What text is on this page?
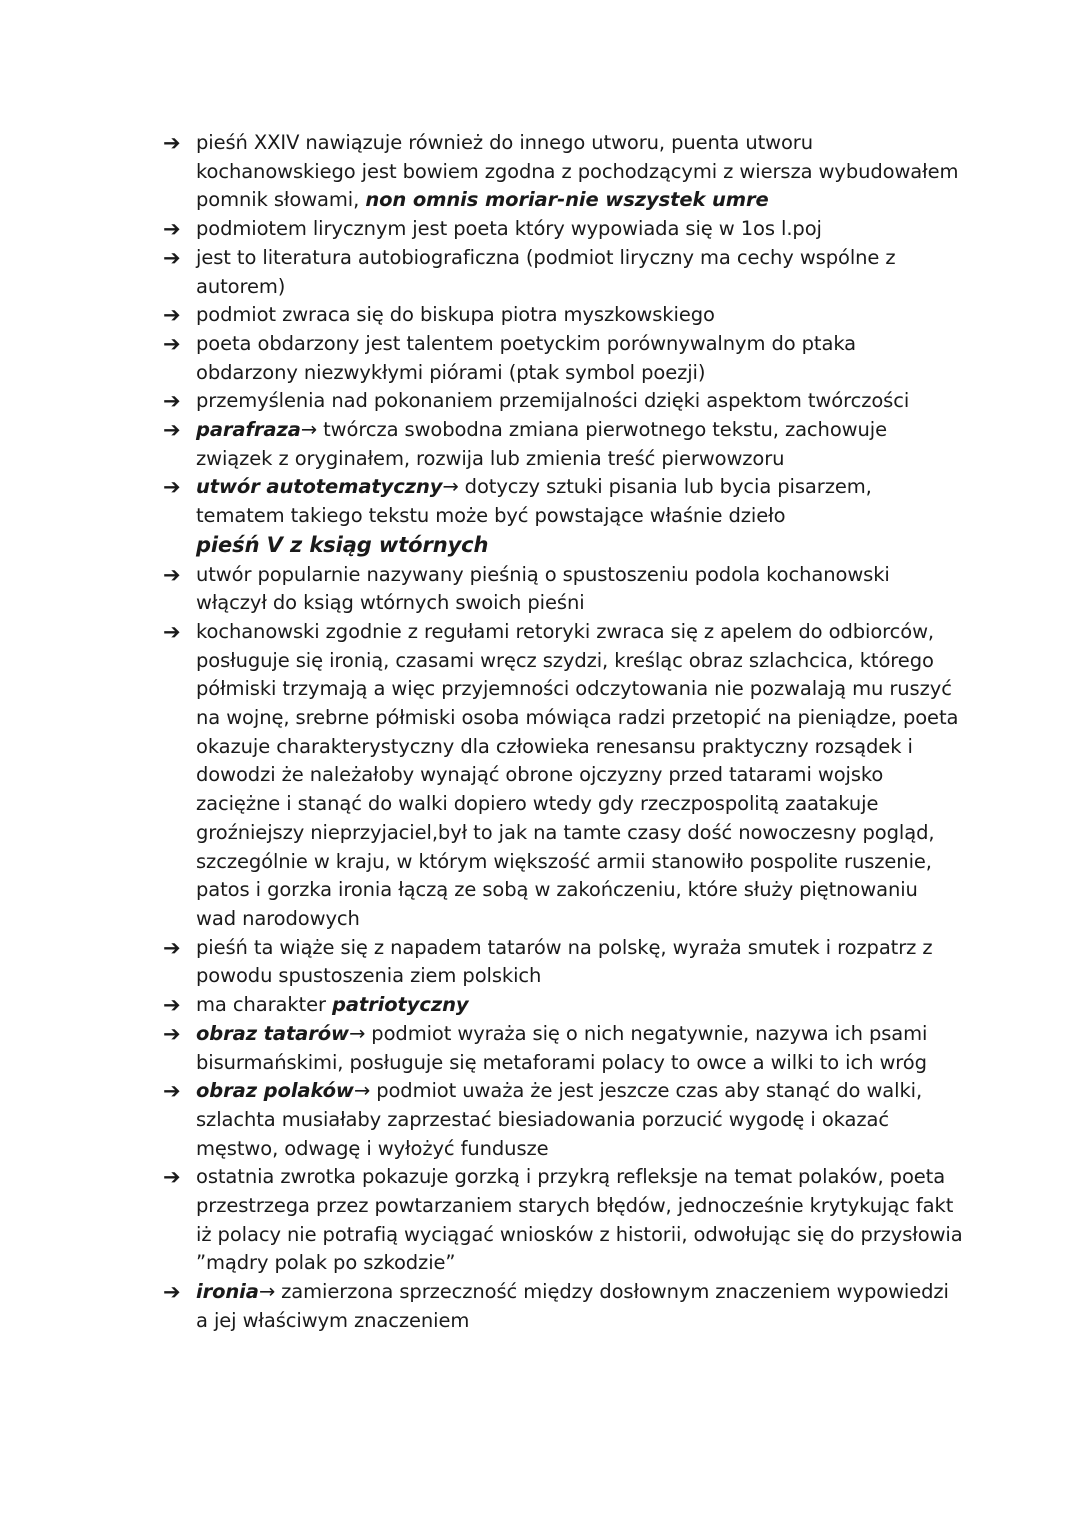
➔ pieśń XXIV nawiązuje również do innego utworu, puenta utworu kochanowskiego jest bowiem zgodna z pochodzącymi z wiersza wybudowałem pomnik słowami, non omnis moriar-nie wszystek umre
➔ podmiotem lirycznym jest poeta który wypowiada się w 1os l.poj
➔ jest to literatura autobiograficzna (podmiot liryczny ma cechy wspólne z autorem)
➔ podmiot zwraca się do biskupa piotra myszkowskiego
➔ poeta obdarzony jest talentem poetyckim porównywalnym do ptaka obdarzony niezwykłymi piórami (ptak symbol poezji)
➔ przemyślenia nad pokonaniem przemijalności dzięki aspektom twórczości
➔ parafraza→ twórcza swobodna zmiana pierwotnego tekstu, zachowuje związek z oryginałem, rozwija lub zmienia treść pierwowzoru
➔ utwór autotematyczny→ dotyczy sztuki pisania lub bycia pisarzem, tematem takiego tekstu może być powstające właśnie dzieło
pieśń V z ksiąg wtórnych
➔ utwór popularnie nazywany pieśnią o spustoszeniu podola kochanowski włączył do ksiąg wtórnych swoich pieśni
➔ kochanowski zgodnie z regułami retoryki zwraca się z apelem do odbiorców, posługuje się ironią, czasami wręcz szydzi, kreśląc obraz szlachcica, którego półmiski trzymają a więc przyjemności odczytowania nie pozwalają mu ruszyć na wojnę, srebrne półmiski osoba mówiąca radzi przetopić na pieniądze, poeta okazuje charakterystyczny dla człowieka renesansu praktyczny rozsądek i dowodzi że należałoby wynająć obrone ojczyzny przed tatarami wojsko zaciężne i stanąć do walki dopiero wtedy gdy rzeczpospolitą zaatakuje groźniejszy nieprzyjaciel,był to jak na tamte czasy dość nowoczesny pogląd, szczególnie w kraju, w którym większość armii stanowiło pospolite ruszenie, patos i gorzka ironia łączą ze sobą w zakończeniu, które służy piętnowaniu wad narodowych
➔ pieśń ta wiąże się z napadem tatarów na polskę, wyraża smutek i rozpatrz z powodu spustoszenia ziem polskich
➔ ma charakter patriotyczny
➔ obraz tatarów→ podmiot wyraża się o nich negatywnie, nazywa ich psami bisurmańskimi, posługuje się metaforami polacy to owce a wilki to ich wróg
➔ obraz polaków→ podmiot uważa że jest jeszcze czas aby stanąć do walki, szlachta musiałaby zaprzestać biesiadowania porzucić wygodę i okazać męstwo, odwagę i wyłożyć fundusze
➔ ostatnia zwrotka pokazuje gorzką i przykrą refleksje na temat polaków, poeta przestrzega przez powtarzaniem starych błędów, jednocześnie krytykując fakt iż polacy nie potrafią wyciągać wniosków z historii, odwołując się do przysłowia ”mądry polak po szkodzie”
➔ ironia→ zamierzona sprzeczność między dosłownym znaczeniem wypowiedzi a jej właściwym znaczeniem
